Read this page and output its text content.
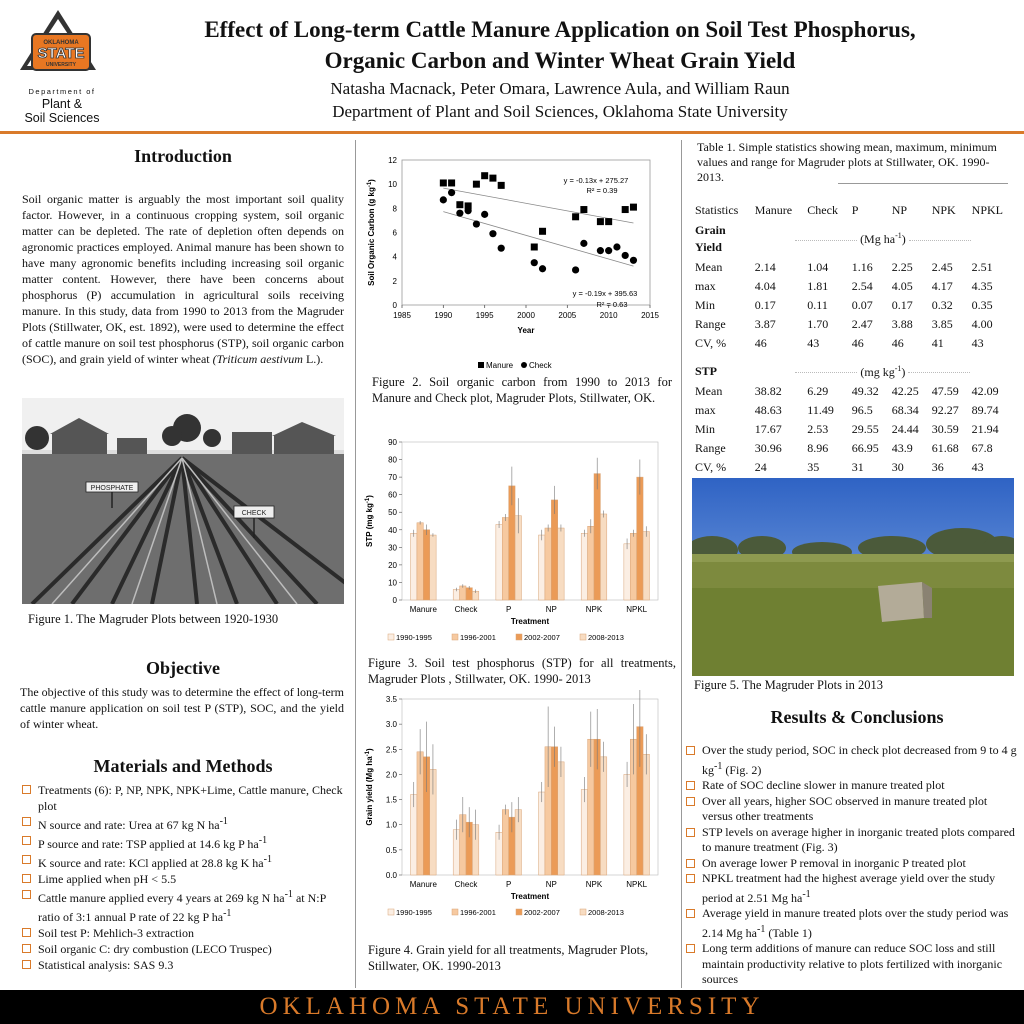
OKLAHOMA
STATE
UNIVERSITY
Department of
Plant &
Soil Sciences
Effect of Long-term Cattle Manure Application on Soil Test Phosphorus,
Organic Carbon and Winter Wheat Grain Yield
Natasha Macnack, Peter Omara, Lawrence Aula, and William Raun
Department of Plant and Soil Sciences, Oklahoma State University
Introduction

Soil organic matter is arguably the most important soil quality factor. However, in a continuous cropping system, soil organic matter can be depleted. The rate of depletion often depends on agronomic practices employed. Animal manure has been shown to have many agronomic benefits including increasing soil organic matter content. However, there have been concerns about phosphorus (P) accumulation in agricultural soils receiving manure. In this study, data from 1990 to 2013 from the Magruder Plots (Stillwater, OK, est. 1892), were used to determine the effect of cattle manure on soil test phosphorus (STP), soil organic carbon (SOC), and grain yield of winter wheat (Triticum aestivum L.).

PHOSPHATE
CHECK
Figure 1. The Magruder Plots between 1920-1930
Objective

The objective of this study was to determine the effect of long-term cattle manure application on soil test P (STP), SOC, and the yield of winter wheat.

Materials and Methods
Treatments (6): P, NP, NPK, NPK+Lime, Cattle manure, Check plot
N source and rate: Urea at 67 kg N $ha^{-1}$
P source and rate: TSP applied at 14.6 kg P $ha^{-1}$
K source and rate: KCl applied at 28.8 kg K $ha^{-1}$
Lime applied when pH < 5.5
Cattle manure applied every 4 years at 269 kg N $ha^{-1}$ at N:P ratio of 3:1 annual P rate of 22 kg P $ha^{-1}$
Soil test P: Mehlich-3 extraction
Soil organic C: dry combustion (LECO Truspec)
Statistical analysis: SAS 9.3
0
2
4
6
8
10
12
1985	1990	1995	2000	2005	2010	2015
Year
Soil Organic Carbon (g $kg^{-1}$)	y = -0.13x + 275.27
R² = 0.39
y = -0.19x + 395.63
R² = 0.63
Manure Check
Figure 2. Soil organic carbon from 1990 to 2013 for Manure and Check plot, Magruder Plots, Stillwater, OK.
0
10
20
30
40
50
60
70
80
90
Manure Check	P	NP	NPK	NPKL
Treatment
STP (mg $kg^{-1}$)
1990-1995	1996-2001	2002-2007	2008-2013
Figure 3. Soil test phosphorus (STP) for all treatments, Magruder Plots , Stillwater, OK. 1990- 2013
0.0
0.5
1.0
1.5
2.0
2.5
3.0
3.5
Manure Check	P	NP	NPK	NPKL
Treatment
Grain yield (Mg $ha^{-1}$)
1990-1995	1996-2001	2002-2007	2008-2013
Figure 4. Grain yield for all treatments, Magruder Plots, Stillwater, OK. 1990-2013
Table 1. Simple statistics showing mean, maximum, minimum values and range for Magruder plots at Stillwater, OK. 1990-2013.
Statistics	Manure	Check	P	NP	NPK	NPKL
Grain
Yield	(Mg $ha^{-1}$)					
Mean	2.14	1.04	1.16	2.25	2.45	2.51
max	4.04	1.81	2.54	4.05	4.17	4.35
Min	0.17	0.11	0.07	0.17	0.32	0.35
Range	3.87	1.70	2.47	3.88	3.85	4.00
CV, %	46	43	46	46	41	43

STP	(mg $kg^{-1}$)					
Mean	38.82	6.29	49.32	42.25	47.59	42.09
max	48.63	11.49	96.5	68.34	92.27	89.74
Min	17.67	2.53	29.55	24.44	30.59	21.94
Range	30.96	8.96	66.95	43.9	61.68	67.8
CV, %	24	35	31	30	36	43
Figure 5. The Magruder Plots in 2013
Results & Conclusions
Over the study period, SOC in check plot decreased from 9 to 4 g $kg^{-1}$ (Fig. 2)
Rate of SOC decline slower in manure treated plot
Over all years, higher SOC observed in manure treated plot versus other treatments
STP levels on average higher in inorganic treated plots compared to manure treatment (Fig. 3)
On average lower P removal in inorganic P treated plot
NPKL treatment had the highest average yield over the study period at 2.51 Mg $ha^{-1}$
Average yield in manure treated plots over the study period was 2.14 Mg $ha^{-1}$ (Table 1)
Long term additions of manure can reduce SOC loss and still maintain productivity relative to plots fertilized with inorganic sources
OKLAHOMA STATE UNIVERSITY
